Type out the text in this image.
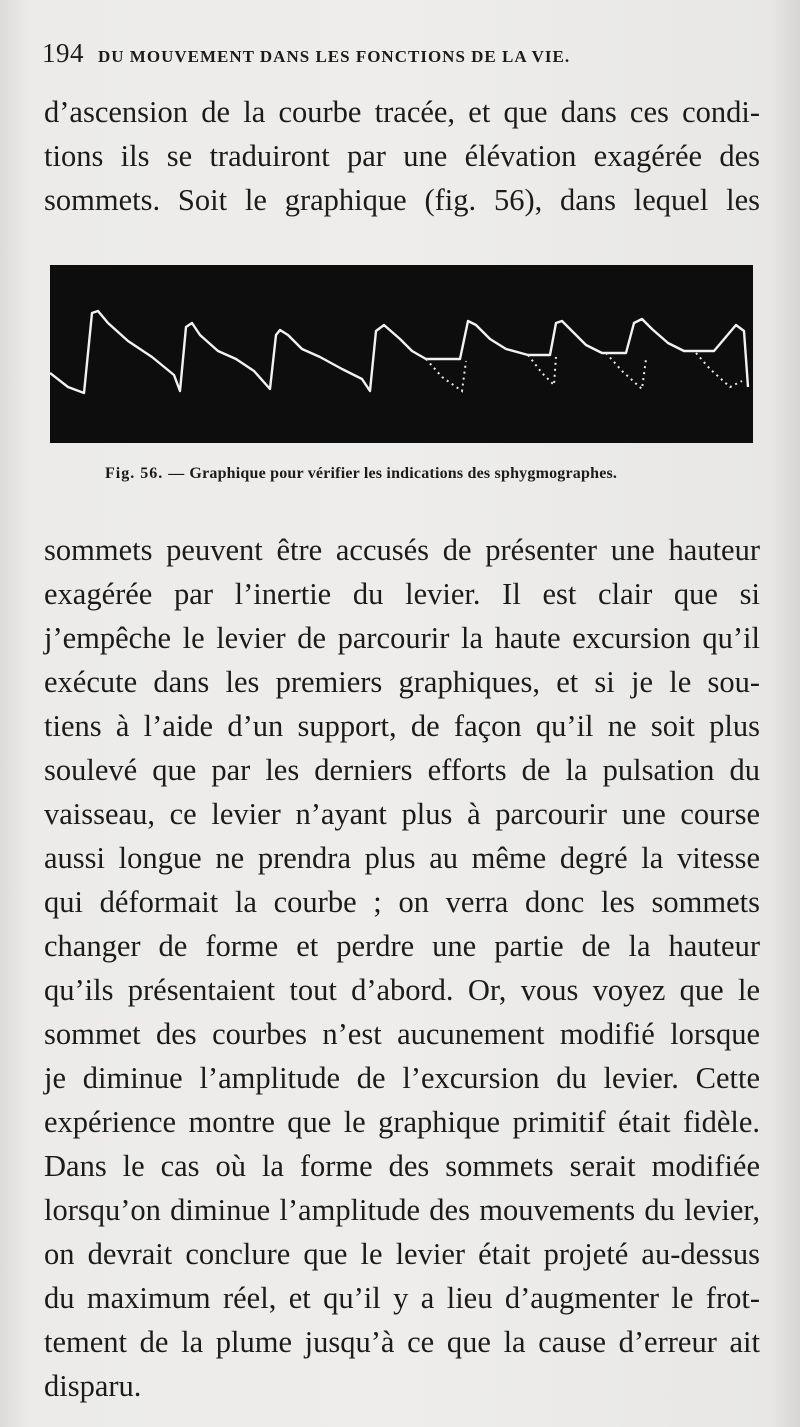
194 DU MOUVEMENT DANS LES FONCTIONS DE LA VIE.
d’ascension de la courbe tracée, et que dans ces condi-
tions ils se traduiront par une élévation exagérée des
sommets. Soit le graphique (fig. 56), dans lequel les
Fig. 56. — Graphique pour vérifier les indications des sphygmographes.
sommets peuvent être accusés de présenter une hauteur
exagérée par l’inertie du levier. Il est clair que si
j’empêche le levier de parcourir la haute excursion qu’il
exécute dans les premiers graphiques, et si je le sou-
tiens à l’aide d’un support, de façon qu’il ne soit plus
soulevé que par les derniers efforts de la pulsation du
vaisseau, ce levier n’ayant plus à parcourir une course
aussi longue ne prendra plus au même degré la vitesse
qui déformait la courbe ; on verra donc les sommets
changer de forme et perdre une partie de la hauteur
qu’ils présentaient tout d’abord. Or, vous voyez que le
sommet des courbes n’est aucunement modifié lorsque
je diminue l’amplitude de l’excursion du levier. Cette
expérience montre que le graphique primitif était fidèle.
Dans le cas où la forme des sommets serait modifiée
lorsqu’on diminue l’amplitude des mouvements du levier,
on devrait conclure que le levier était projeté au-dessus
du maximum réel, et qu’il y a lieu d’augmenter le frot-
tement de la plume jusqu’à ce que la cause d’erreur ait
disparu.
